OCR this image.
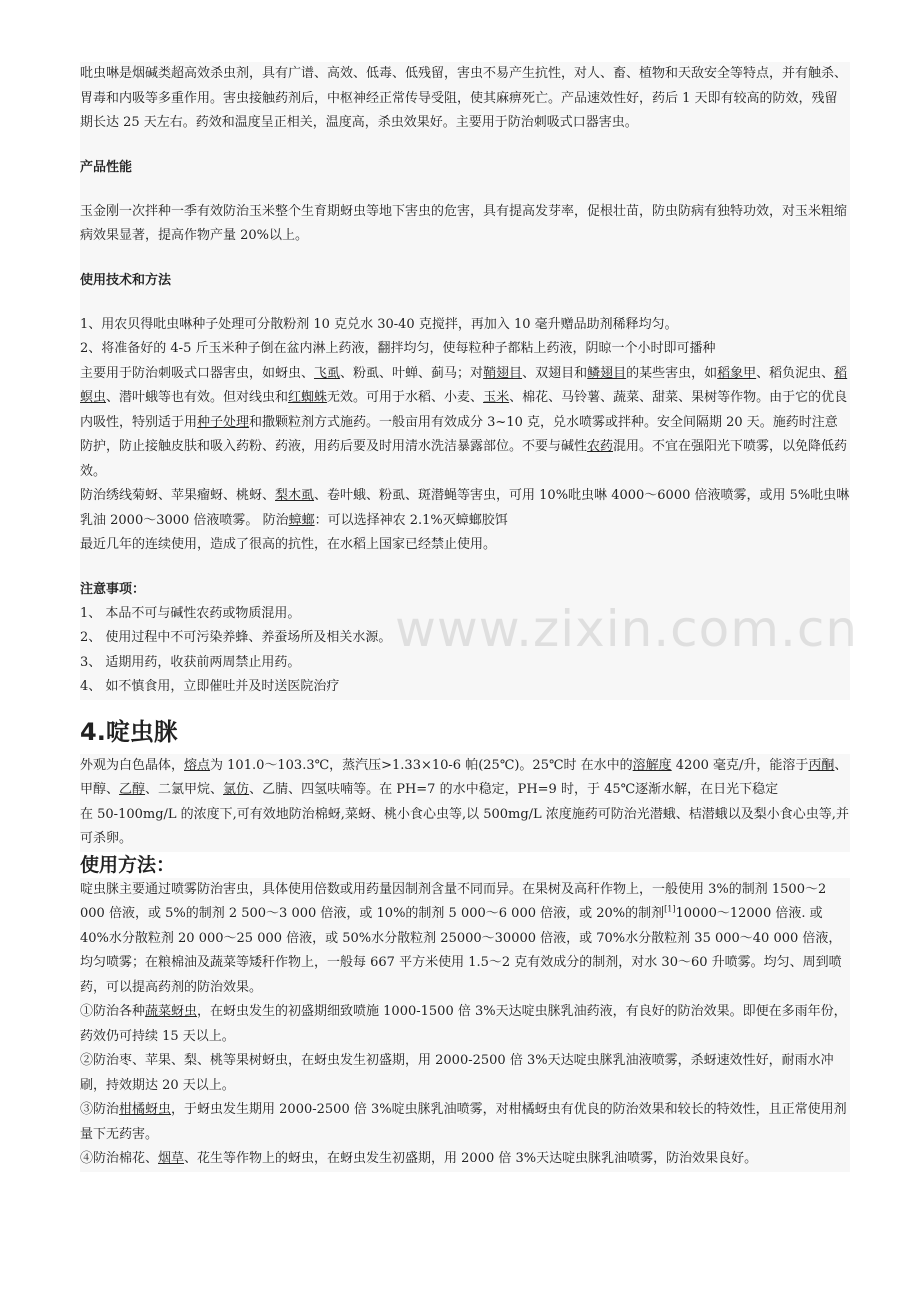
吡虫啉是烟碱类超高效杀虫剂，具有广谱、高效、低毒、低残留，害虫不易产生抗性，对人、畜、植物和天敌安全等特点，并有触杀、胃毒和内吸等多重作用。害虫接触药剂后，中枢神经正常传导受阻，使其麻痹死亡。产品速效性好，药后 1 天即有较高的防效，残留期长达 25 天左右。药效和温度呈正相关，温度高，杀虫效果好。主要用于防治刺吸式口器害虫。

产品性能

玉金刚一次拌种一季有效防治玉米整个生育期蚜虫等地下害虫的危害，具有提高发芽率，促根壮苗，防虫防病有独特功效，对玉米粗缩病效果显著，提高作物产量 20%以上。

使用技术和方法

1、用农贝得吡虫啉种子处理可分散粉剂 10 克兑水 30-40 克搅拌，再加入 10 毫升赠品助剂稀释均匀。

2、将准备好的 4-5 斤玉米种子倒在盆内淋上药液，翻拌均匀，使每粒种子都粘上药液，阴晾一个小时即可播种

主要用于防治刺吸式口器害虫，如蚜虫、飞虱、粉虱、叶蝉、蓟马；对鞘翅目、双翅目和鳞翅目的某些害虫，如稻象甲、稻负泥虫、稻螟虫、潜叶蛾等也有效。但对线虫和红蜘蛛无效。可用于水稻、小麦、玉米、棉花、马铃薯、蔬菜、甜菜、果树等作物。由于它的优良内吸性，特别适于用种子处理和撒颗粒剂方式施药。一般亩用有效成分 3~10 克，兑水喷雾或拌种。安全间隔期 20 天。施药时注意防护，防止接触皮肤和吸入药粉、药液，用药后要及时用清水洗洁暴露部位。不要与碱性农药混用。不宜在强阳光下喷雾，以免降低药效。

防治绣线菊蚜、苹果瘤蚜、桃蚜、梨木虱、卷叶蛾、粉虱、斑潜蝇等害虫，可用 10%吡虫啉 4000～6000 倍液喷雾，或用 5%吡虫啉乳油 2000～3000 倍液喷雾。 防治蟑螂：可以选择神农 2.1%灭蟑螂胶饵

最近几年的连续使用，造成了很高的抗性，在水稻上国家已经禁止使用。

注意事项：

1、 本品不可与碱性农药或物质混用。

2、 使用过程中不可污染养蜂、养蚕场所及相关水源。

3、 适期用药，收获前两周禁止用药。

4、 如不慎食用，立即催吐并及时送医院治疗

4.啶虫脒

外观为白色晶体，熔点为 101.0～103.3℃，蒸汽压>1.33×10-6 帕(25℃)。25℃时 在水中的溶解度 4200 毫克/升，能溶于丙酮、甲醇、乙醇、二氯甲烷、氯仿、乙腈、四氢呋喃等。在 PH=7 的水中稳定，PH=9 时，于 45℃逐渐水解，在日光下稳定

在 50-100mg/L 的浓度下,可有效地防治棉蚜,菜蚜、桃小食心虫等,以 500mg/L 浓度施药可防治光潜蛾、桔潜蛾以及梨小食心虫等,并可杀卵。

使用方法：

啶虫脒主要通过喷雾防治害虫，具体使用倍数或用药量因制剂含量不同而异。在果树及高秆作物上，一般使用 3%的制剂 1500～2 000 倍液，或 5%的制剂 2 500～3 000 倍液，或 10%的制剂 5 000～6 000 倍液，或 20%的制剂[1]10000～12000 倍液. 或 40%水分散粒剂 20 000～25 000 倍液，或 50%水分散粒剂 25000～30000 倍液，或 70%水分散粒剂 35 000～40 000 倍液，均匀喷雾；在粮棉油及蔬菜等矮秆作物上，一般每 667 平方米使用 1.5～2 克有效成分的制剂，对水 30～60 升喷雾。均匀、周到喷药，可以提高药剂的防治效果。

①防治各种蔬菜蚜虫，在蚜虫发生的初盛期细致喷施 1000-1500 倍 3%天达啶虫脒乳油药液，有良好的防治效果。即便在多雨年份，药效仍可持续 15 天以上。

②防治枣、苹果、梨、桃等果树蚜虫，在蚜虫发生初盛期，用 2000-2500 倍 3%天达啶虫脒乳油液喷雾，杀蚜速效性好，耐雨水冲刷，持效期达 20 天以上。

③防治柑橘蚜虫，于蚜虫发生期用 2000-2500 倍 3%啶虫脒乳油喷雾，对柑橘蚜虫有优良的防治效果和较长的特效性，且正常使用剂量下无药害。

④防治棉花、烟草、花生等作物上的蚜虫，在蚜虫发生初盛期，用 2000 倍 3%天达啶虫脒乳油喷雾，防治效果良好。

www.zixin.com.cn
